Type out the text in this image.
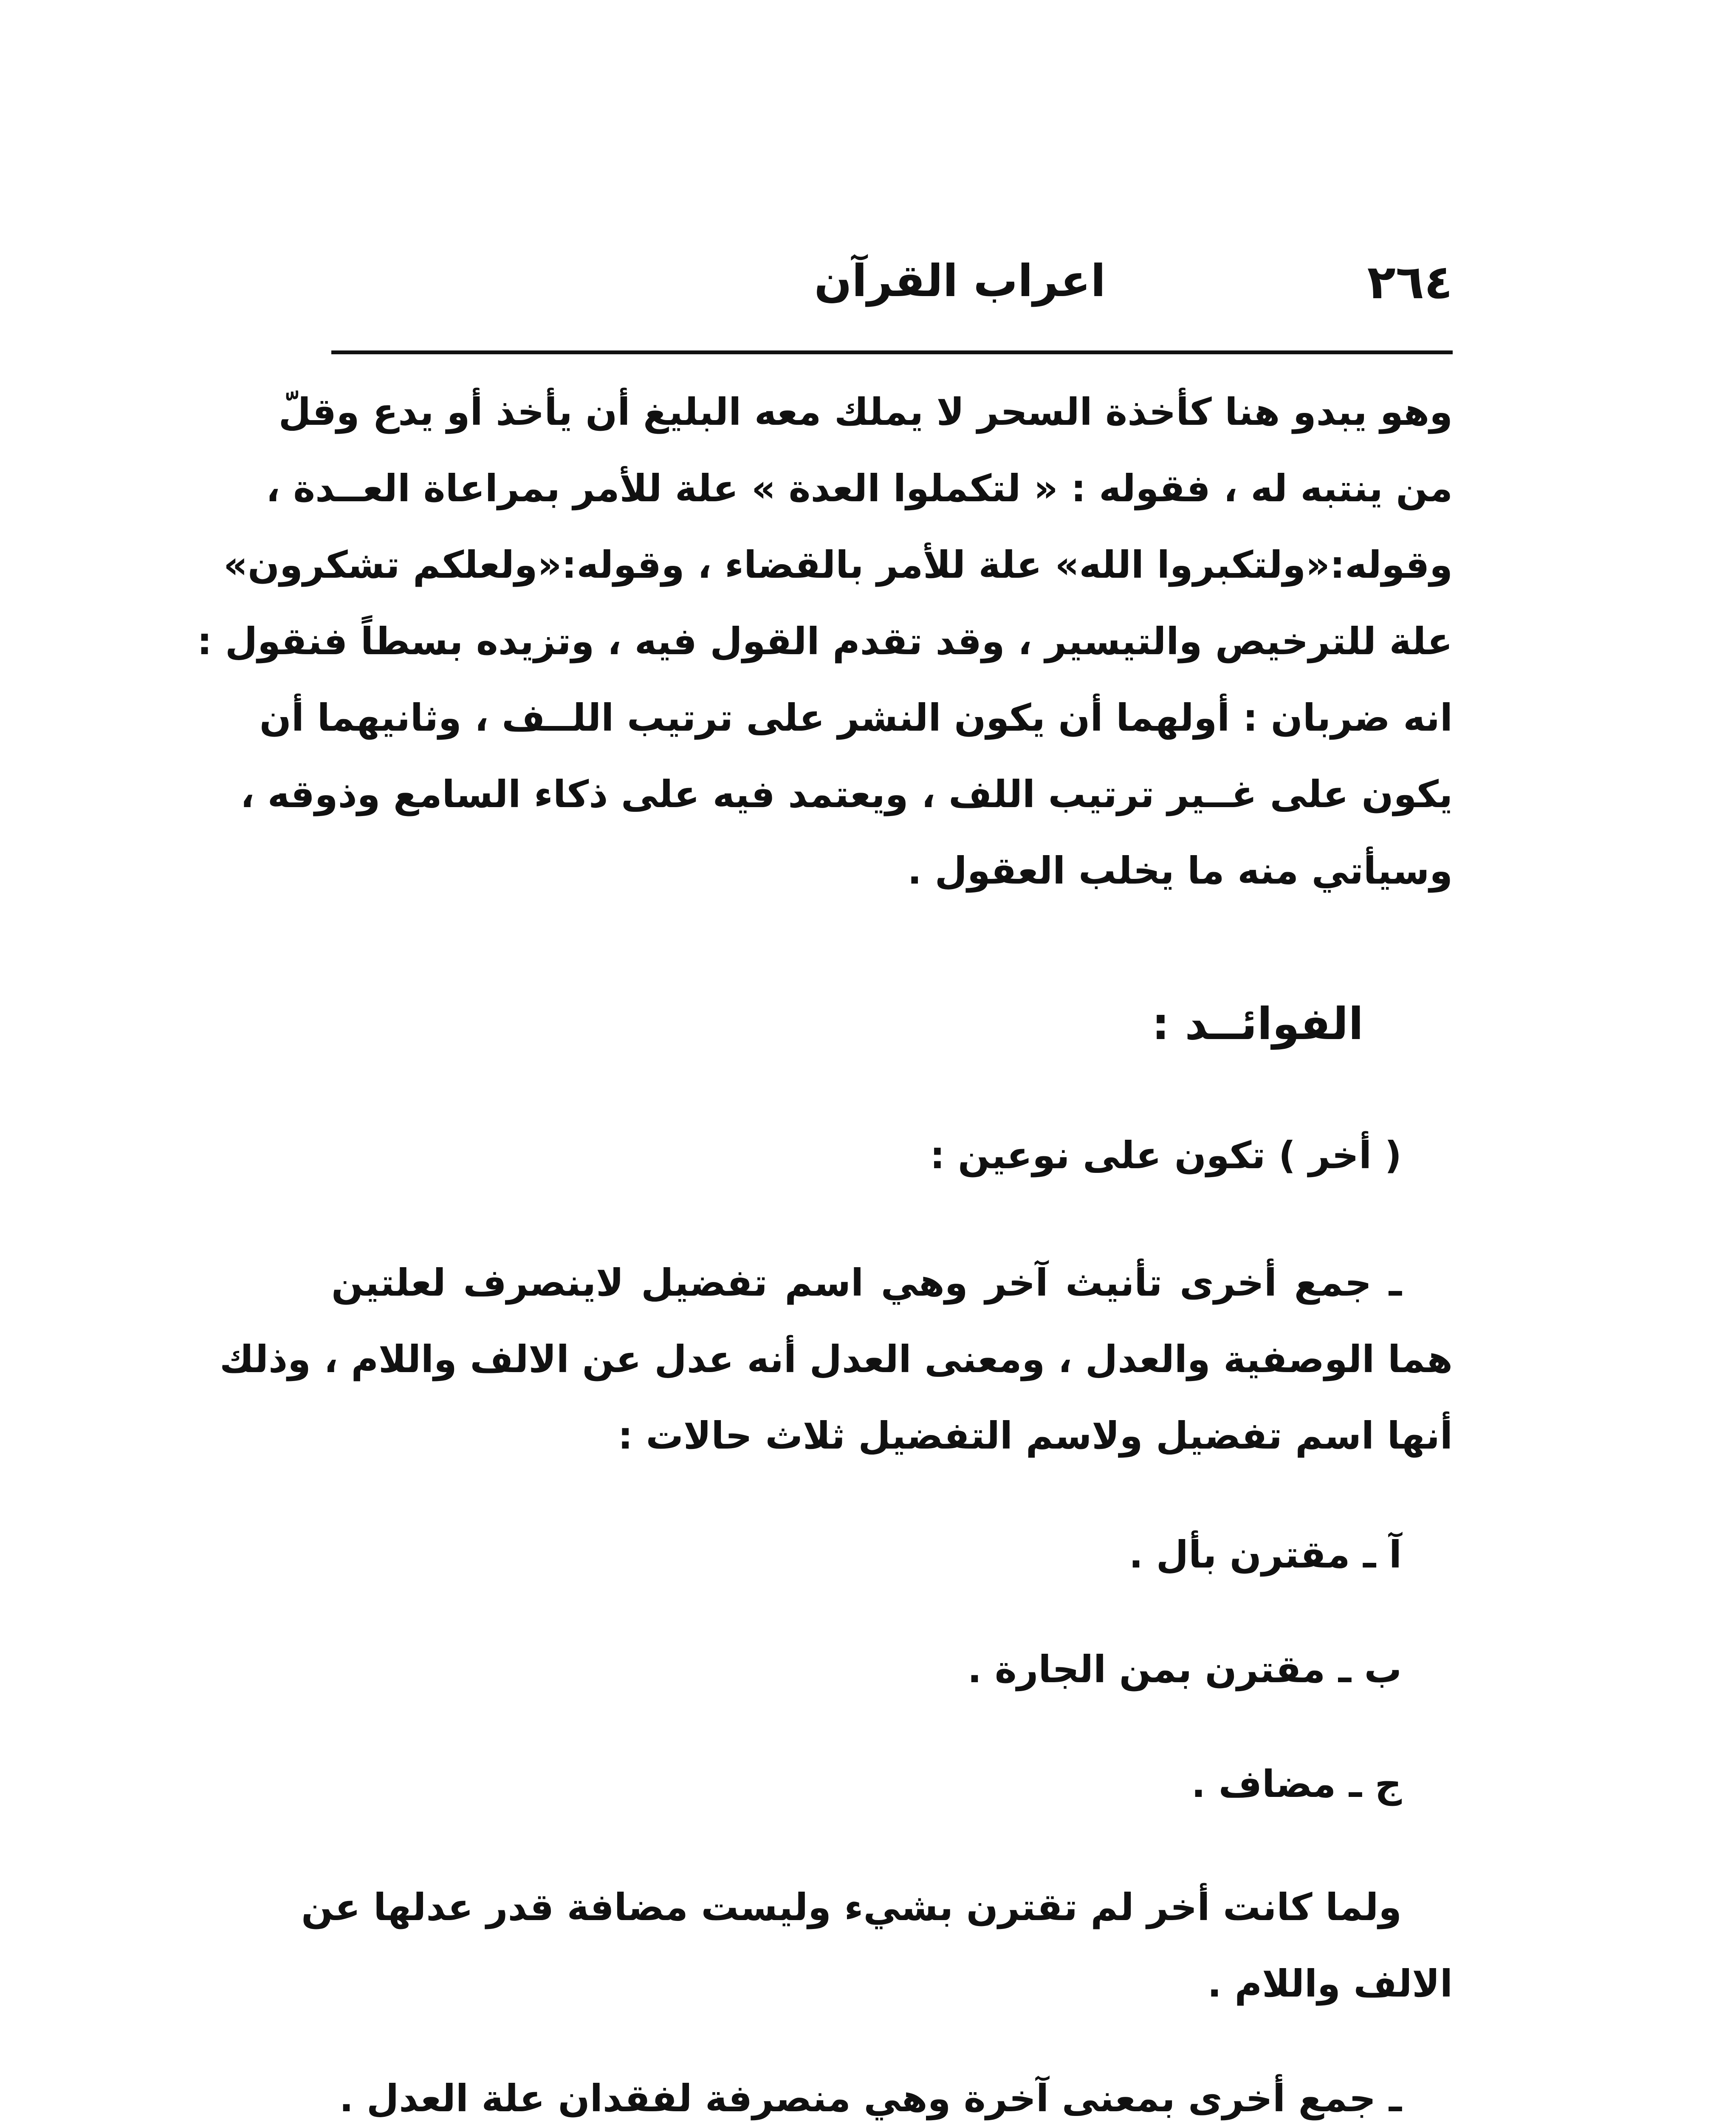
٢٦٤
اعراب القرآن
وهو يبدو هنا كأخذة السحر لا يملك معه البليغ أن يأخذ أو يدع وقلّ
من ينتبه له ، فقوله : « لتكملوا العدة » علة للأمر بمراعاة العــدة ،
وقوله:«ولتكبروا الله» علة للأمر بالقضاء ، وقوله:«ولعلكم تشكرون»
علة للترخيص والتيسير ، وقد تقدم القول فيه ، وتزيده بسطاً فنقول :
انه ضربان : أولهما أن يكون النشر على ترتيب اللــف ، وثانيهما أن
يكون على غــير ترتيب اللف ، ويعتمد فيه على ذكاء السامع وذوقه ،
وسيأتي منه ما يخلب العقول .
الفوائــد :
( أخر ) تكون على نوعين :
ـ جمع أخرى تأنيث آخر وهي اسم تفضيل لاينصرف لعلتين
هما الوصفية والعدل ، ومعنى العدل أنه عدل عن الالف واللام ، وذلك
أنها اسم تفضيل ولاسم التفضيل ثلاث حالات :
آ ـ مقترن بأل .
ب ـ مقترن بمن الجارة .
ج ـ مضاف .
ولما كانت أخر لم تقترن بشيء وليست مضافة قدر عدلها عن
الالف واللام .
ـ جمع أخرى بمعنى آخرة وهي منصرفة لفقدان علة العدل .
